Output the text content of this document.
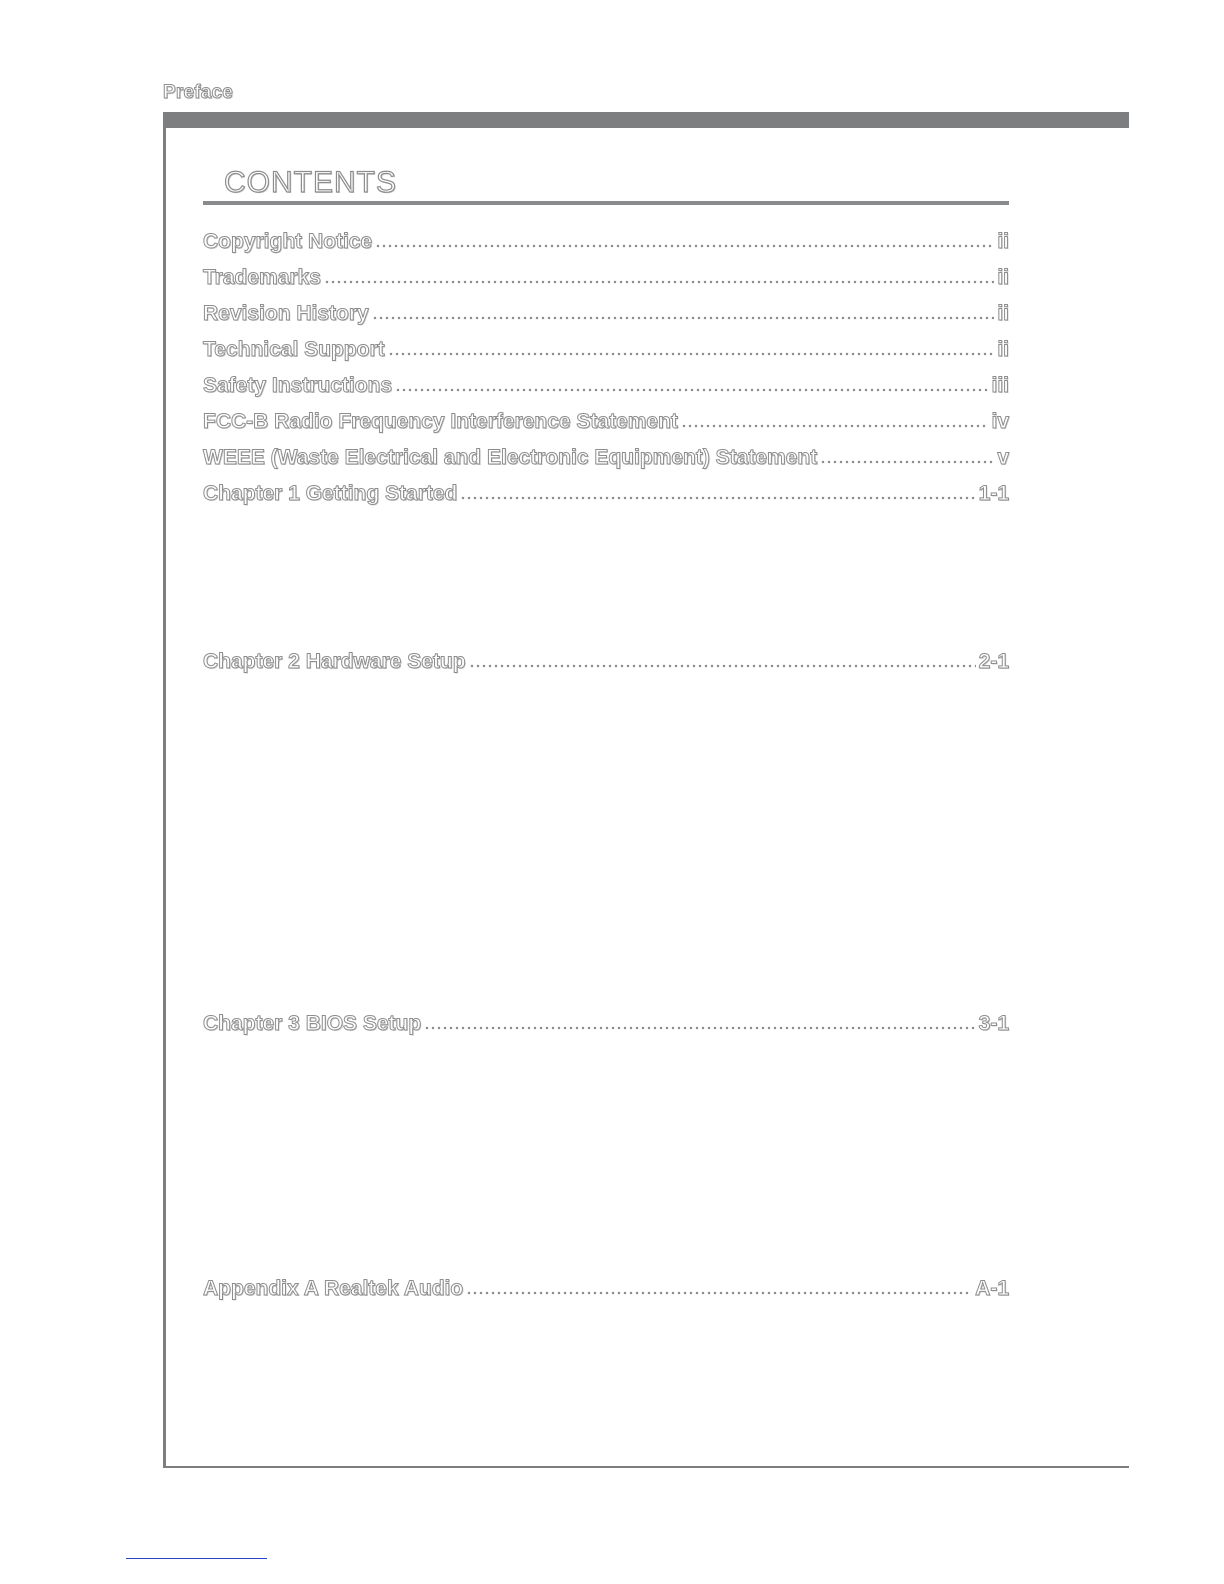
Preface
CONTENTS
Copyright Notice	ii
Trademarks	ii
Revision History	ii
Technical Support	ii
Safety Instructions	iii
FCC-B Radio Frequency Interference Statement	iv
WEEE (Waste Electrical and Electronic Equipment) Statement	v
Chapter 1 Getting Started	1-1
Chapter 2 Hardware Setup	2-1
Chapter 3 BIOS Setup	3-1
Appendix A Realtek Audio	A-1
